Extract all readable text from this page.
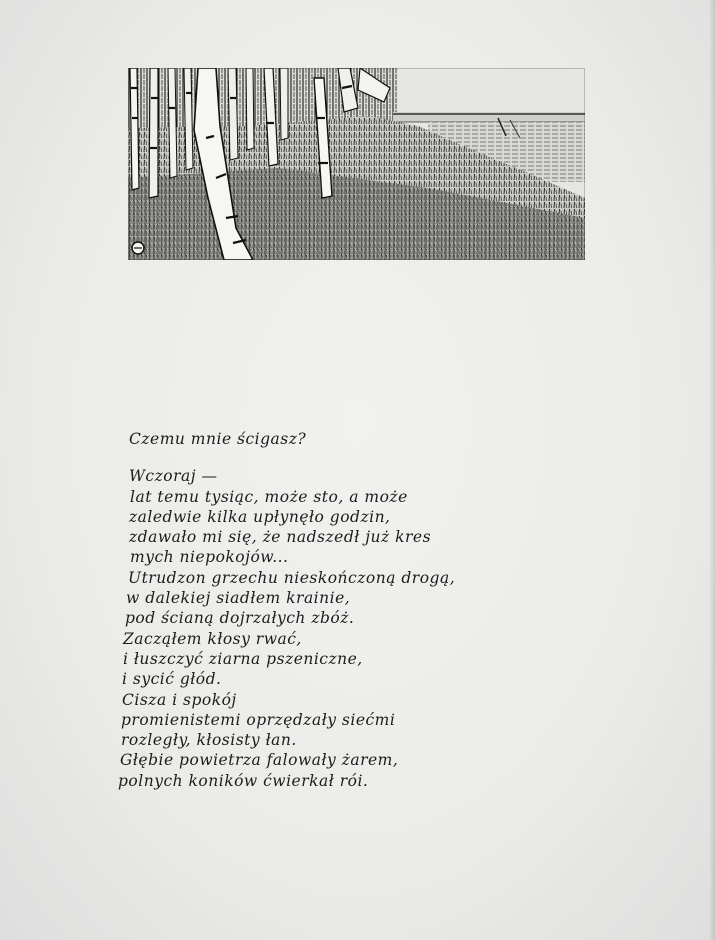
Czemu mnie ścigasz?
Wczoraj —
lat temu tysiąc, może sto, a może
zaledwie kilka upłynęło godzin,
zdawało mi się, że nadszedł już kres
mych niepokojów...
Utrudzon grzechu nieskończoną drogą,
w dalekiej siadłem krainie,
pod ścianą dojrzałych zbóż.
Zacząłem kłosy rwać,
i łuszczyć ziarna pszeniczne,
i sycić głód.
Cisza i spokój
promienistemi oprzędzały siećmi
rozległy, kłosisty łan.
Głębie powietrza falowały żarem,
polnych koników ćwierkał rói.
